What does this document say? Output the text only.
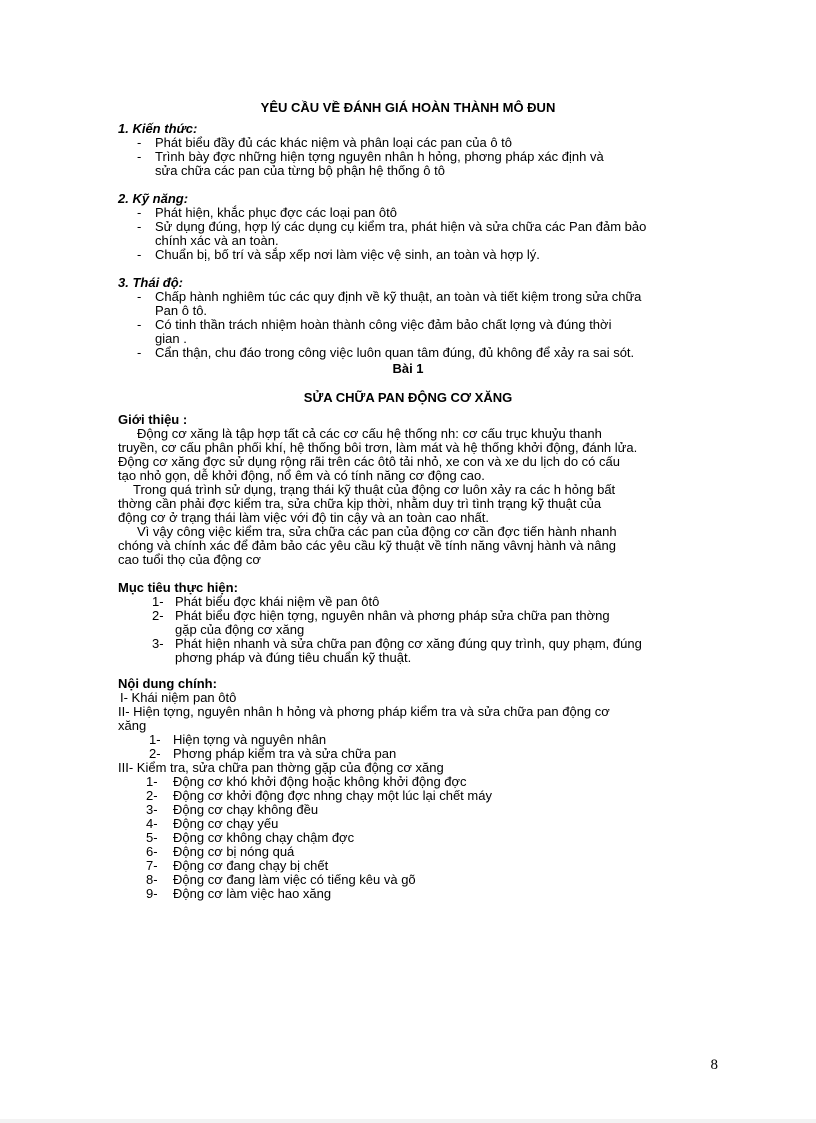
YÊU CẦU VỀ ĐÁNH GIÁ HOÀN THÀNH MÔ ĐUN
1. Kiến thức:
- Phát biểu đầy đủ các khác niệm và phân loại các pan của ô tô
- Trình bày đợc những hiện tợng nguyên nhân h hỏng, phơng pháp xác định và
sửa chữa các pan của từng bộ phận hệ thống ô tô
2. Kỹ năng:
- Phát hiện, khắc phục đợc các loại pan ôtô
- Sử dụng đúng, hợp lý các dụng cụ kiểm tra, phát hiện và sửa chữa các Pan đảm bảo
chính xác và an toàn.
- Chuẩn bị, bố trí và sắp xếp nơi làm việc vệ sinh, an toàn và hợp lý.
3. Thái độ:
- Chấp hành nghiêm túc các quy định về kỹ thuật, an toàn và tiết kiệm trong sửa chữa
Pan ô tô.
- Có tinh thần trách nhiệm hoàn thành công việc đảm bảo chất lợng và đúng thời
gian .
- Cẩn thận, chu đáo trong công việc luôn quan tâm đúng, đủ không để xảy ra sai sót.
Bài 1
SỬA CHỮA PAN ĐỘNG CƠ XĂNG
Giới thiệu :
Động cơ xăng là tập hợp tất cả các cơ cấu hệ thống nh: cơ cấu trục khuỷu thanh
truyền, cơ cấu phân phối khí, hệ thống bôi trơn, làm mát và hệ thống khởi động, đánh lửa.
Động cơ xăng đợc sử dụng rộng rãi trên các ôtô tải nhỏ, xe con và xe du lịch do có cấu
tạo nhỏ gọn, dễ khởi động, nổ êm và có tính năng cơ động cao.
Trong quá trình sử dụng, trạng thái kỹ thuật của động cơ luôn xảy ra các h hỏng bất
thờng cần phải đợc kiểm tra, sửa chữa kịp thời, nhằm duy trì tình trạng kỹ thuật của
động cơ ở trạng thái làm việc với độ tin cậy và an toàn cao nhất.
Vì vậy công việc kiểm tra, sửa chữa các pan của động cơ cần đợc tiến hành nhanh
chóng và chính xác để đảm bảo các yêu cầu kỹ thuật về tính năng vâvnj hành và nâng
cao tuổi thọ của động cơ
Mục tiêu thực hiện:
1- Phát biểu đợc khái niệm về pan ôtô
2- Phát biểu đợc hiện tợng, nguyên nhân và phơng pháp sửa chữa pan thờng
gặp của động cơ xăng
3- Phát hiện nhanh và sửa chữa pan động cơ xăng đúng quy trình, quy phạm, đúng
phơng pháp và đúng tiêu chuẩn kỹ thuật.
Nội dung chính:
I- Khái niệm pan ôtô
II- Hiện tợng, nguyên nhân h hỏng và phơng pháp kiểm tra và sửa chữa pan động cơ
xăng
1- Hiện tợng và nguyên nhân
2- Phơng pháp kiểm tra và sửa chữa pan
III- Kiểm tra, sửa chữa pan thờng gặp của động cơ xăng
1- Động cơ khó khởi động hoặc không khởi động đợc
2- Động cơ khởi động đợc nhng chạy một lúc lại chết máy
3- Động cơ chạy không đều
4- Động cơ chạy yếu
5- Động cơ không chạy chậm đợc
6- Động cơ bị nóng quá
7- Động cơ đang chạy bị chết
8- Động cơ đang làm việc có tiếng kêu và gõ
9- Động cơ làm việc hao xăng
8
